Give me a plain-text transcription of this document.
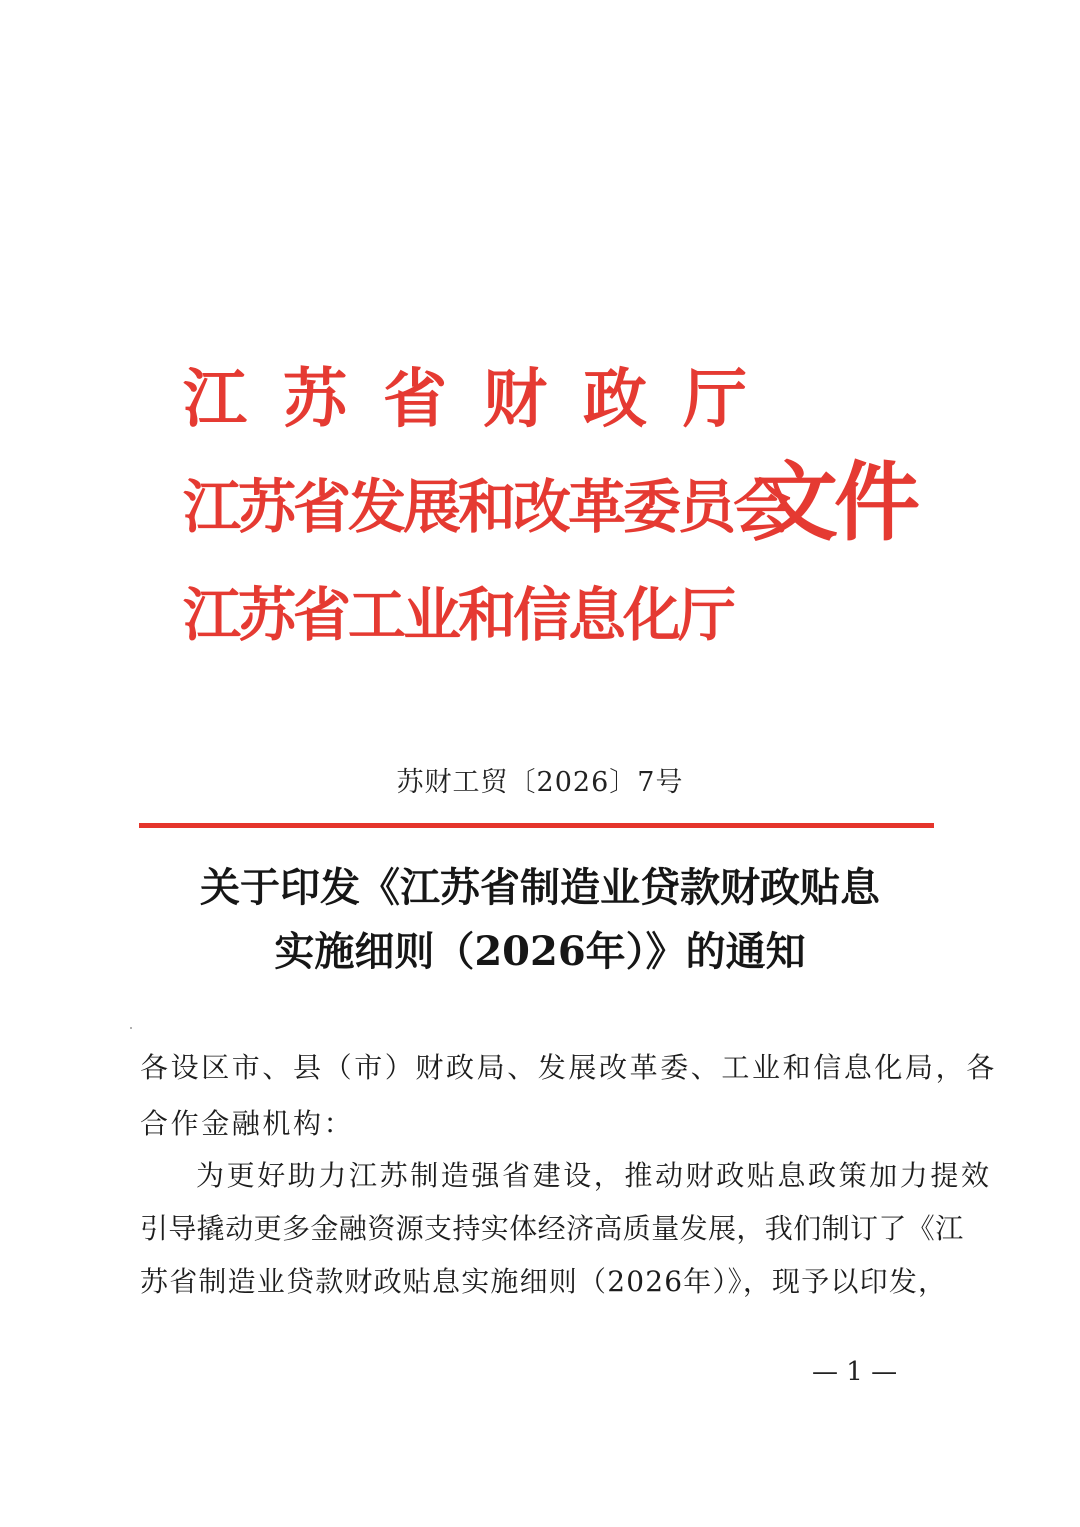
江苏省财政厅
江苏省发展和改革委员会
江苏省工业和信息化厅
文件
苏财工贸〔2026〕7号
关于印发《江苏省制造业贷款财政贴息
实施细则（2026年）》的通知
各设区市、县（市）财政局、发展改革委、工业和信息化局，各
合作金融机构：
为更好助力江苏制造强省建设，推动财政贴息政策加力提效
引导撬动更多金融资源支持实体经济高质量发展，我们制订了《江
苏省制造业贷款财政贴息实施细则（2026年）》，现予以印发，
— 1 —
